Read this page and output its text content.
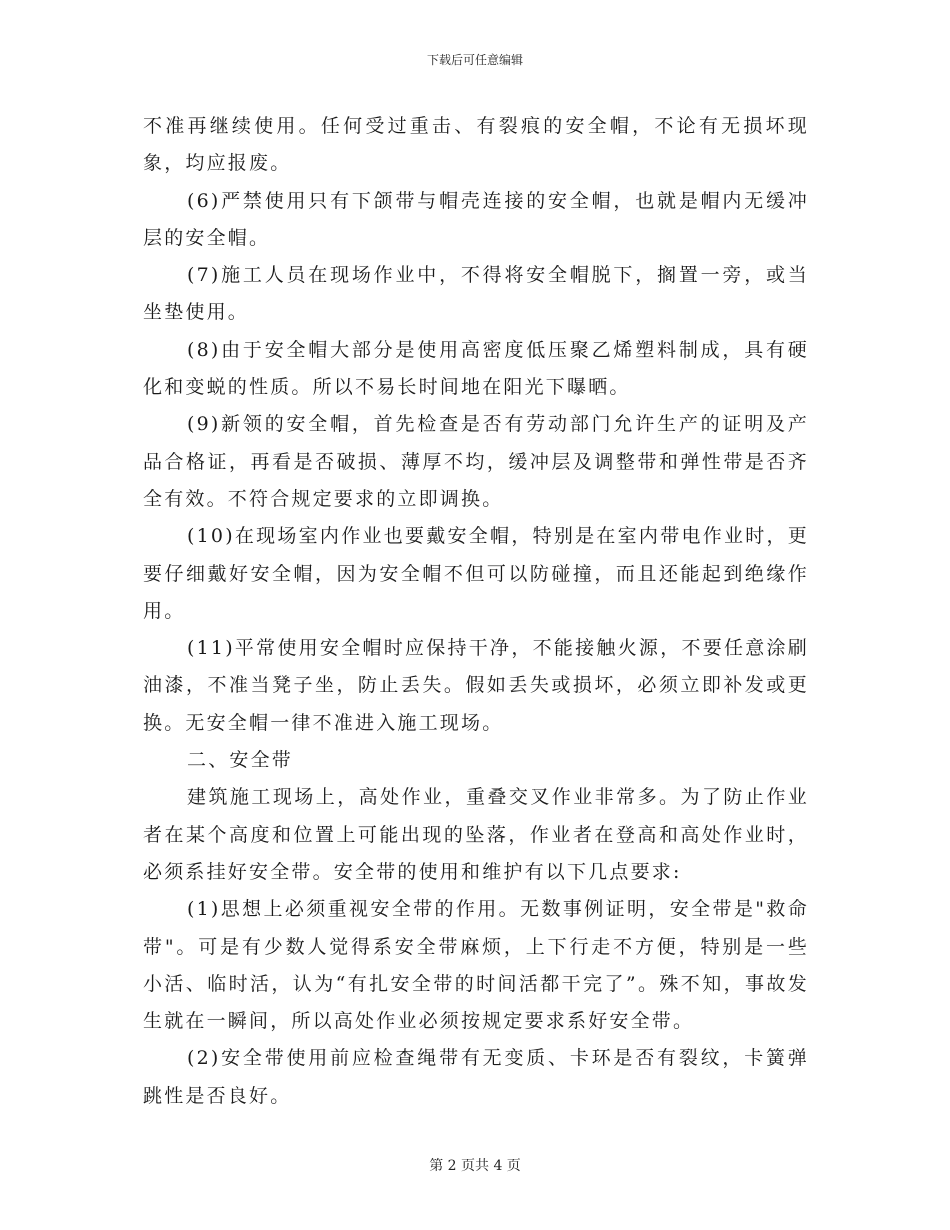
下载后可任意编辑

不准再继续使用。任何受过重击、有裂痕的安全帽，不论有无损坏现象，均应报废。

(6)严禁使用只有下颌带与帽壳连接的安全帽，也就是帽内无缓冲层的安全帽。

(7)施工人员在现场作业中，不得将安全帽脱下，搁置一旁，或当坐垫使用。

(8)由于安全帽大部分是使用高密度低压聚乙烯塑料制成，具有硬化和变蜕的性质。所以不易长时间地在阳光下曝晒。

(9)新领的安全帽，首先检查是否有劳动部门允许生产的证明及产品合格证，再看是否破损、薄厚不均，缓冲层及调整带和弹性带是否齐全有效。不符合规定要求的立即调换。

(10)在现场室内作业也要戴安全帽，特别是在室内带电作业时，更要仔细戴好安全帽，因为安全帽不但可以防碰撞，而且还能起到绝缘作用。

(11)平常使用安全帽时应保持干净，不能接触火源，不要任意涂刷油漆，不准当凳子坐，防止丢失。假如丢失或损坏，必须立即补发或更换。无安全帽一律不准进入施工现场。

二、安全带

建筑施工现场上，高处作业，重叠交叉作业非常多。为了防止作业者在某个高度和位置上可能出现的坠落，作业者在登高和高处作业时，必须系挂好安全带。安全带的使用和维护有以下几点要求:

(1)思想上必须重视安全带的作用。无数事例证明，安全带是"救命带"。可是有少数人觉得系安全带麻烦，上下行走不方便，特别是一些小活、临时活，认为“有扎安全带的时间活都干完了”。殊不知，事故发生就在一瞬间，所以高处作业必须按规定要求系好安全带。

(2)安全带使用前应检查绳带有无变质、卡环是否有裂纹，卡簧弹跳性是否良好。

第 2 页共 4 页
